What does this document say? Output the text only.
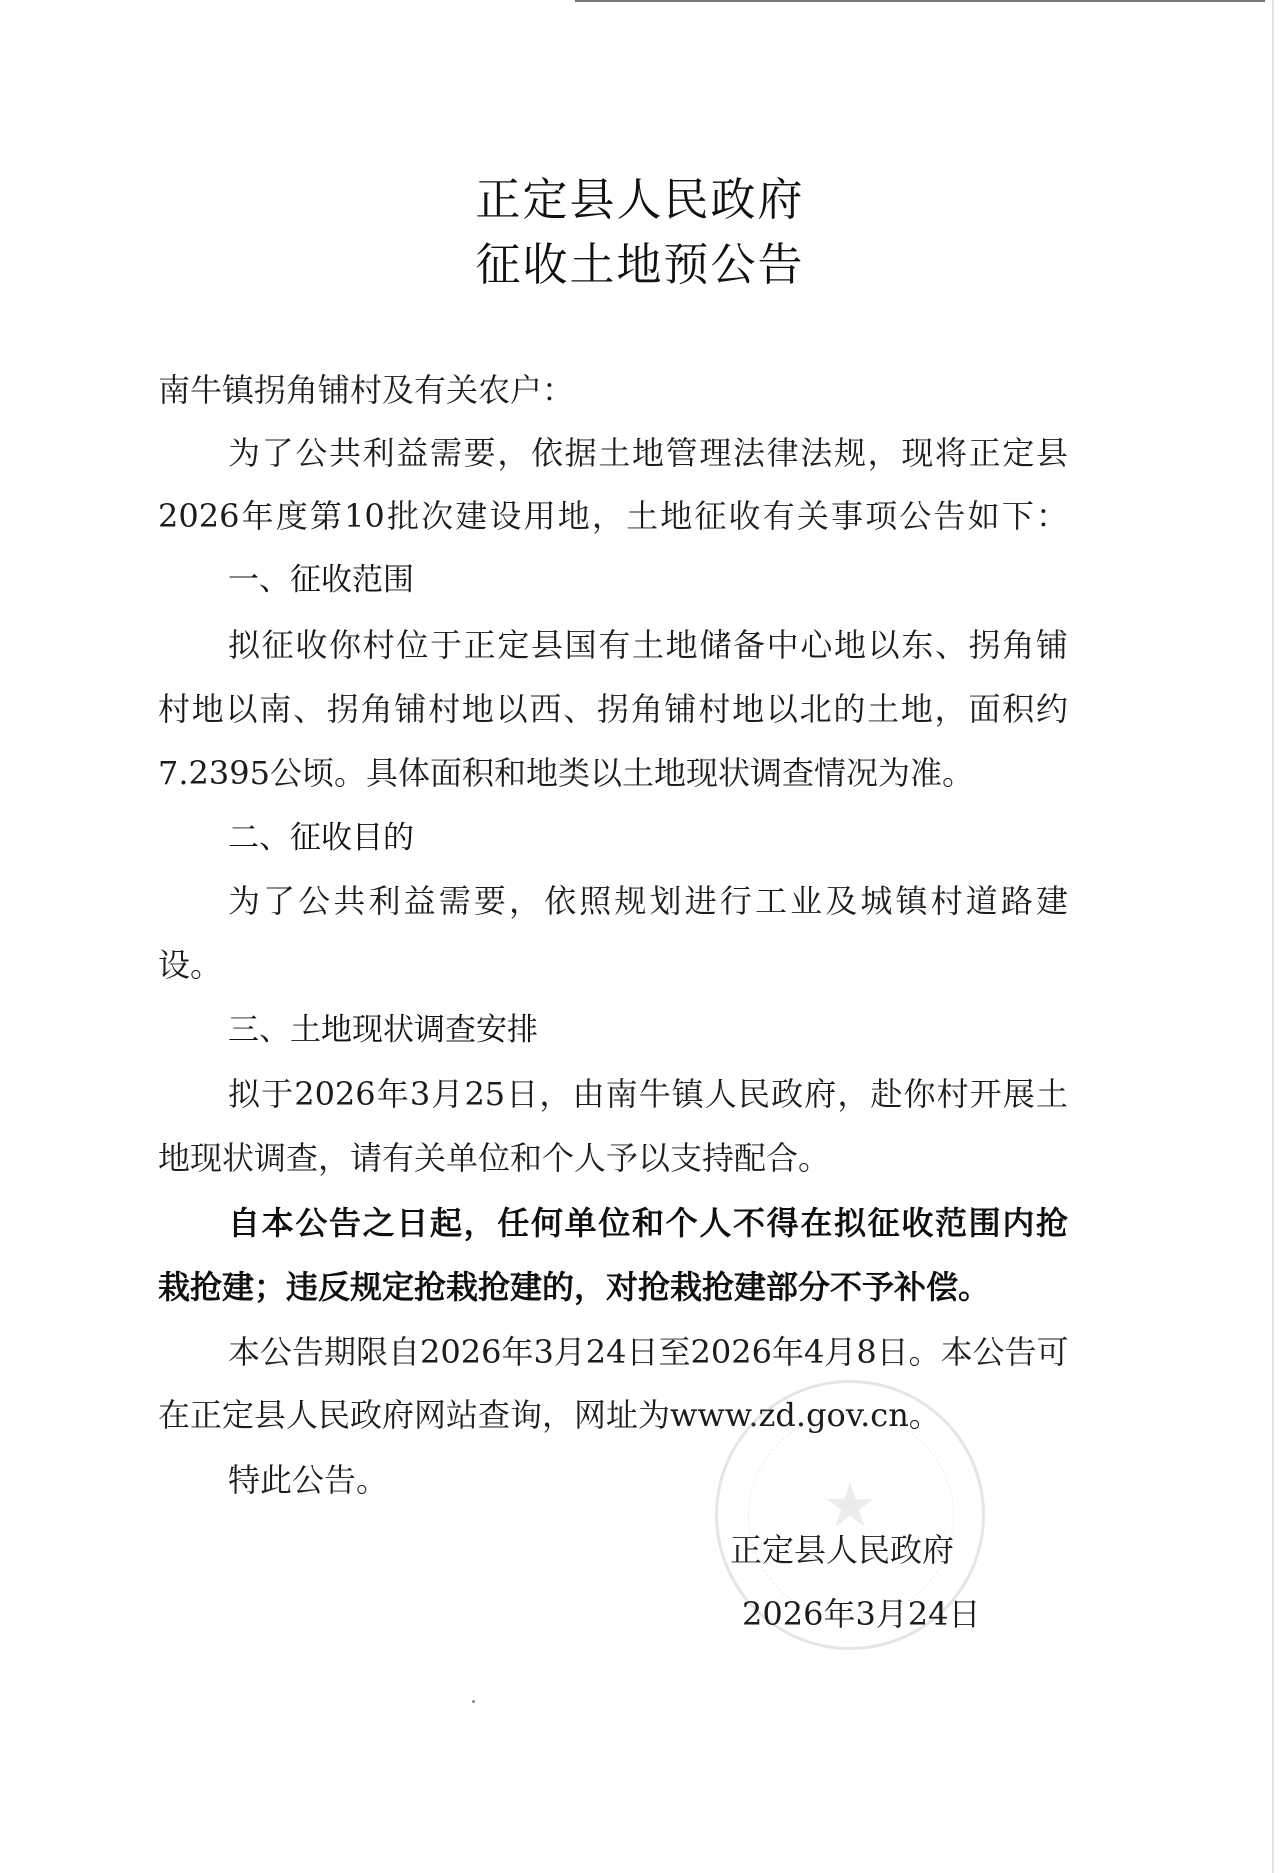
正定县人民政府
征收土地预公告
南牛镇拐角铺村及有关农户：
为了公共利益需要，依据土地管理法律法规，现将正定县
2026年度第10批次建设用地，土地征收有关事项公告如下：
一、征收范围
拟征收你村位于正定县国有土地储备中心地以东、拐角铺
村地以南、拐角铺村地以西、拐角铺村地以北的土地，面积约
7.2395公顷。具体面积和地类以土地现状调查情况为准。
二、征收目的
为了公共利益需要，依照规划进行工业及城镇村道路建
设。
三、土地现状调查安排
拟于2026年3月25日，由南牛镇人民政府，赴你村开展土
地现状调查，请有关单位和个人予以支持配合。
自本公告之日起，任何单位和个人不得在拟征收范围内抢
栽抢建；违反规定抢栽抢建的，对抢栽抢建部分不予补偿。
本公告期限自2026年3月24日至2026年4月8日。本公告可
在正定县人民政府网站查询，网址为www.zd.gov.cn。
特此公告。	★
正定县人民政府
2026年3月24日
